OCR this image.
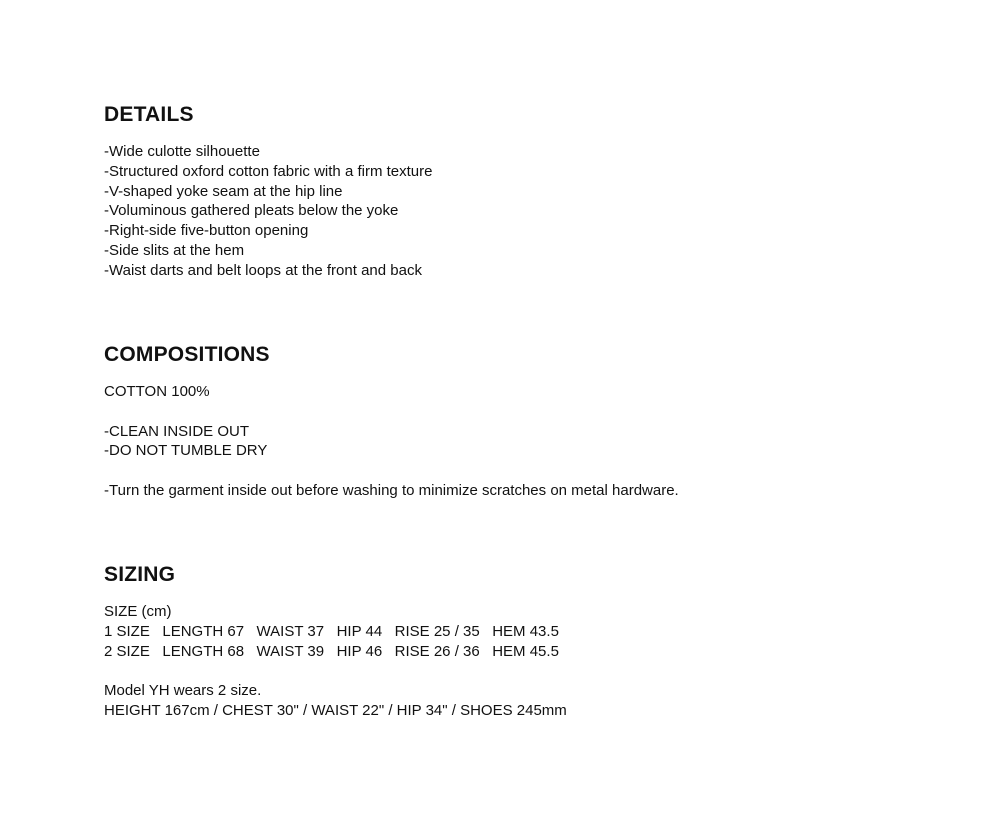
DETAILS
-Wide culotte silhouette
-Structured oxford cotton fabric with a firm texture
-V-shaped yoke seam at the hip line
-Voluminous gathered pleats below the yoke
-Right-side five-button opening
-Side slits at the hem
-Waist darts and belt loops at the front and back
COMPOSITIONS
COTTON 100%
-CLEAN INSIDE OUT
-DO NOT TUMBLE DRY
-Turn the garment inside out before washing to minimize scratches on metal hardware.
SIZING
SIZE (cm)
1 SIZE   LENGTH 67   WAIST 37   HIP 44   RISE 25 / 35   HEM 43.5
2 SIZE   LENGTH 68   WAIST 39   HIP 46   RISE 26 / 36   HEM 45.5
Model YH wears 2 size.
HEIGHT 167cm / CHEST 30" / WAIST 22" / HIP 34" / SHOES 245mm
